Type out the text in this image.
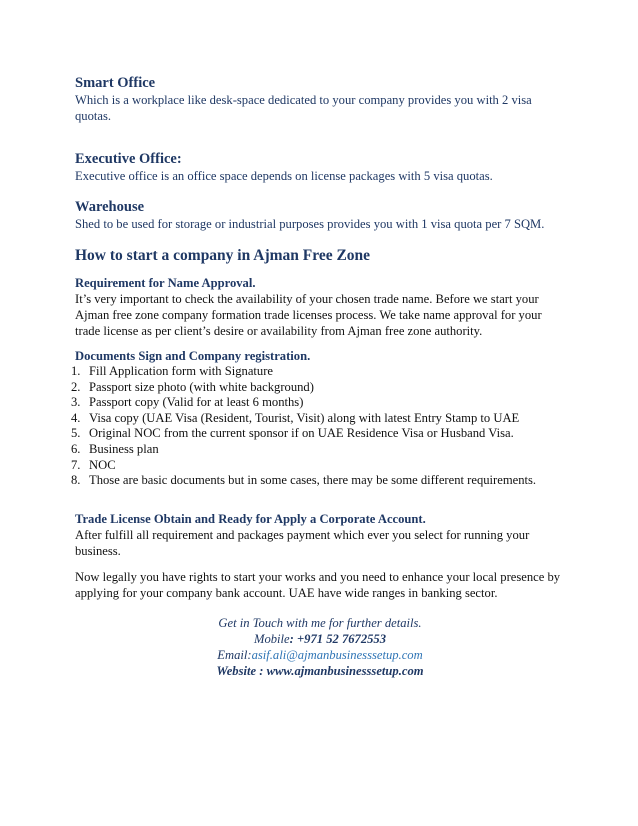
Smart Office

Which is a workplace like desk-space dedicated to your company provides you with 2 visa quotas.

Executive Office:

Executive office is an office space depends on license packages with 5 visa quotas.

Warehouse

Shed to be used for storage or industrial purposes provides you with 1 visa quota per 7 SQM.

How to start a company in Ajman Free Zone

Requirement for Name Approval.

It’s very important to check the availability of your chosen trade name. Before we start your Ajman free zone company formation trade licenses process. We take name approval for your trade license as per client’s desire or availability from Ajman free zone authority.

Documents Sign and Company registration.

1. Fill Application form with Signature
2. Passport size photo (with white background)
3. Passport copy (Valid for at least 6 months)
4. Visa copy (UAE Visa (Resident, Tourist, Visit) along with latest Entry Stamp to UAE
5. Original NOC from the current sponsor if on UAE Residence Visa or Husband Visa.
6. Business plan
7. NOC
8. Those are basic documents but in some cases, there may be some different requirements.

Trade License Obtain and Ready for Apply a Corporate Account.

After fulfill all requirement and packages payment which ever you select for running your business.

Now legally you have rights to start your works and you need to enhance your local presence by applying for your company bank account. UAE have wide ranges in banking sector.

Get in Touch with me for further details.
Mobile: +971 52 7672553
Email:asif.ali@ajmanbusinesssetup.com
Website : www.ajmanbusinesssetup.com
